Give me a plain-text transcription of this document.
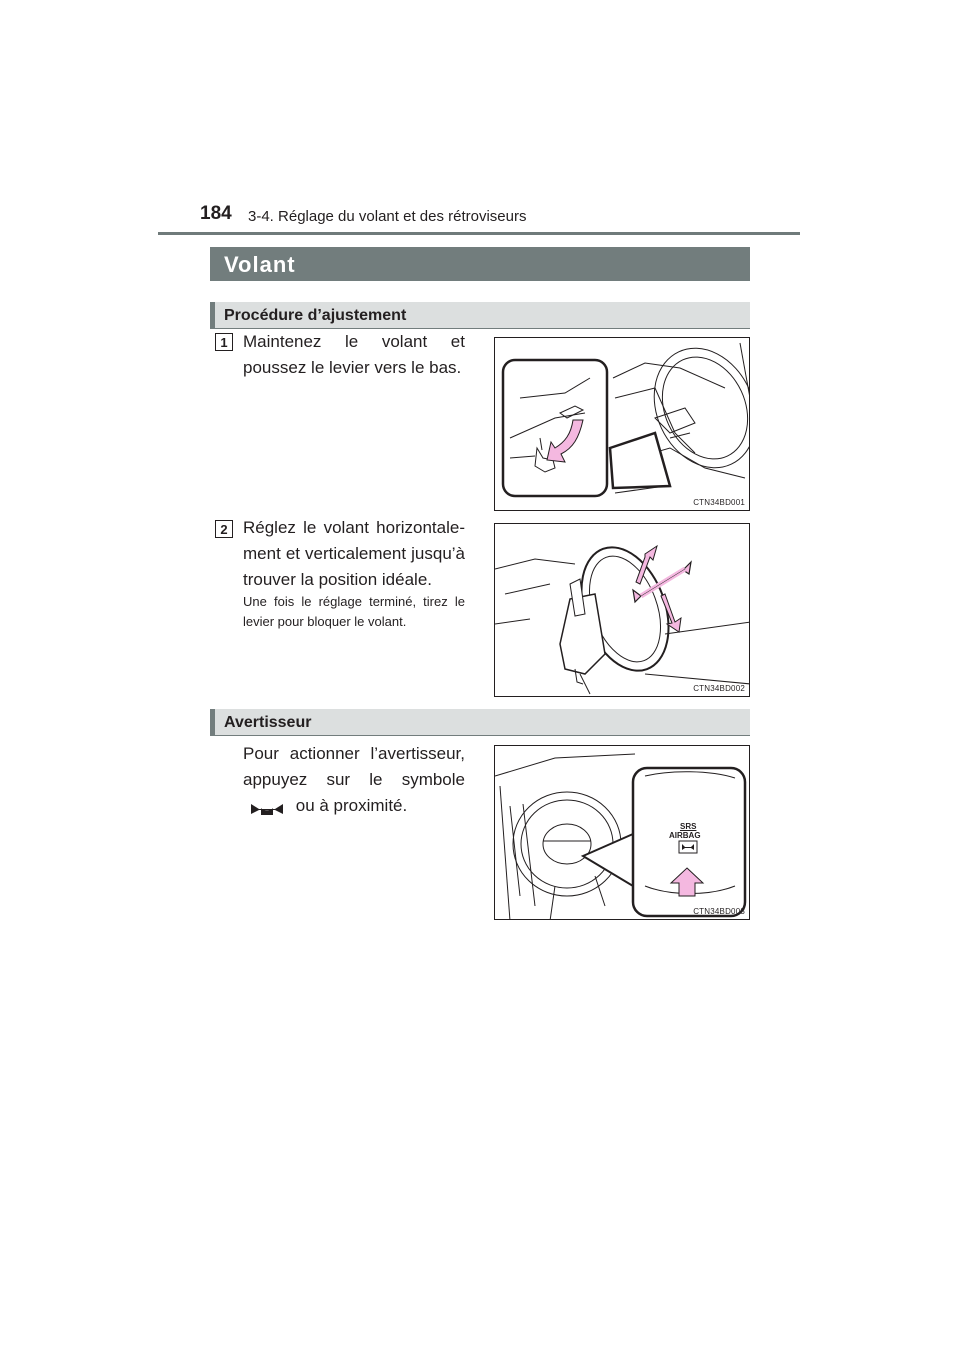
184 3-4. Réglage du volant et des rétroviseurs
Volant
Procédure d’ajustement
1 Maintenez le volant et poussez le levier vers le bas.
CTN34BD001
2 Réglez le volant horizontale-ment et verticalement jusqu’à trouver la position idéale.
Une fois le réglage terminé, tirez le levier pour bloquer le volant.
CTN34BD002
Avertisseur
Pour actionner l’avertisseur, appuyez sur le symbole  ou à proximité.
SRS
AIRBAG
CTN34BD003
